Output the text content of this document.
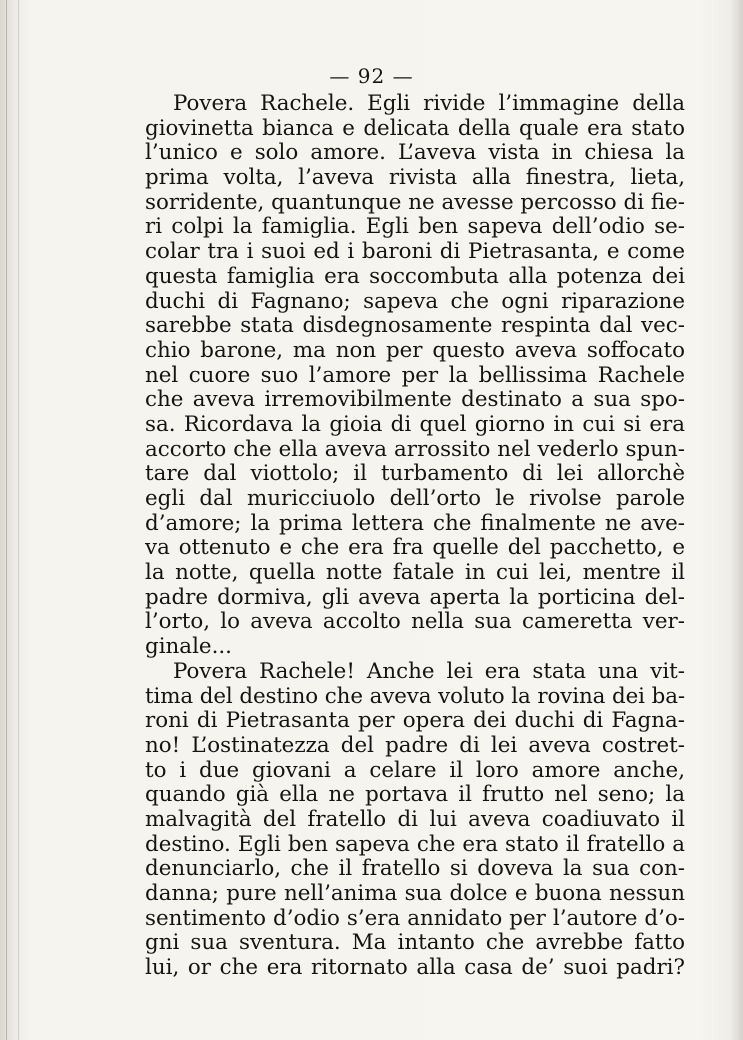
— 92 —
Povera Rachele. Egli rivide l’immagine della
giovinetta bianca e delicata della quale era stato
l’unico e solo amore. L’aveva vista in chiesa la
prima volta, l’aveva rivista alla finestra, lieta,
sorridente, quantunque ne avesse percosso di fie-
ri colpi la famiglia. Egli ben sapeva dell’odio se-
colar tra i suoi ed i baroni di Pietrasanta, e come
questa famiglia era soccombuta alla potenza dei
duchi di Fagnano; sapeva che ogni riparazione
sarebbe stata disdegnosamente respinta dal vec-
chio barone, ma non per questo aveva soffocato
nel cuore suo l’amore per la bellissima Rachele
che aveva irremovibilmente destinato a sua spo-
sa. Ricordava la gioia di quel giorno in cui si era
accorto che ella aveva arrossito nel vederlo spun-
tare dal viottolo; il turbamento di lei allorchè
egli dal muricciuolo dell’orto le rivolse parole
d’amore; la prima lettera che finalmente ne ave-
va ottenuto e che era fra quelle del pacchetto, e
la notte, quella notte fatale in cui lei, mentre il
padre dormiva, gli aveva aperta la porticina del-
l’orto, lo aveva accolto nella sua cameretta ver-
ginale...
Povera Rachele! Anche lei era stata una vit-
tima del destino che aveva voluto la rovina dei ba-
roni di Pietrasanta per opera dei duchi di Fagna-
no! L’ostinatezza del padre di lei aveva costret-
to i due giovani a celare il loro amore anche,
quando già ella ne portava il frutto nel seno; la
malvagità del fratello di lui aveva coadiuvato il
destino. Egli ben sapeva che era stato il fratello a
denunciarlo, che il fratello si doveva la sua con-
danna; pure nell’anima sua dolce e buona nessun
sentimento d’odio s’era annidato per l’autore d’o-
gni sua sventura. Ma intanto che avrebbe fatto
lui, or che era ritornato alla casa de’ suoi padri?
